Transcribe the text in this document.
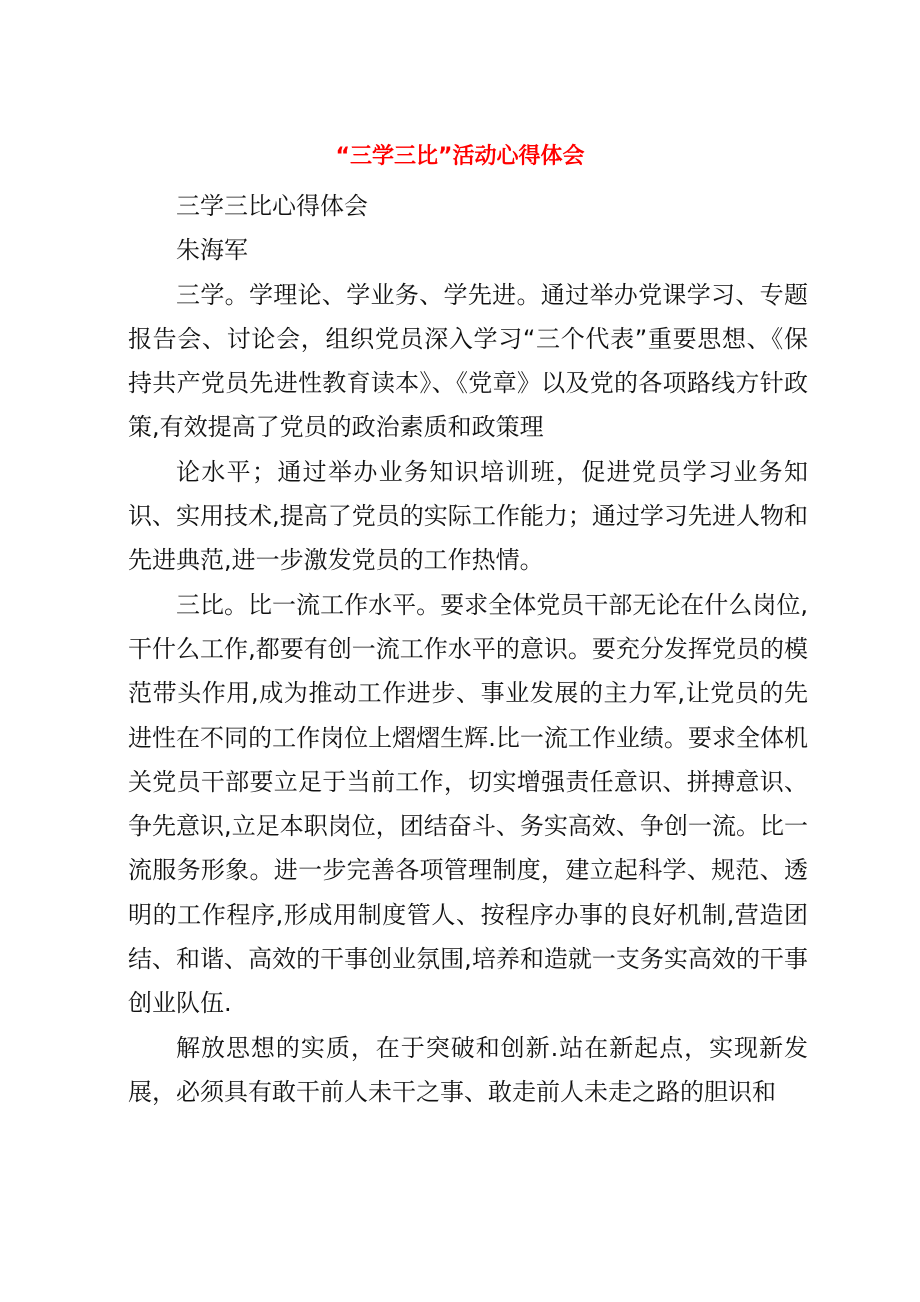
“三学三比”活动心得体会

三学三比心得体会

朱海军

三学。学理论、学业务、学先进。通过举办党课学习、专题报告会、讨论会，组织党员深入学习“三个代表”重要思想、《保持共产党员先进性教育读本》、《党章》以及党的各项路线方针政策,有效提高了党员的政治素质和政策理

论水平；通过举办业务知识培训班，促进党员学习业务知识、实用技术,提高了党员的实际工作能力；通过学习先进人物和先进典范,进一步激发党员的工作热情。

三比。比一流工作水平。要求全体党员干部无论在什么岗位,干什么工作,都要有创一流工作水平的意识。要充分发挥党员的模范带头作用,成为推动工作进步、事业发展的主力军,让党员的先进性在不同的工作岗位上熠熠生辉.比一流工作业绩。要求全体机关党员干部要立足于当前工作，切实增强责任意识、拼搏意识、争先意识,立足本职岗位，团结奋斗、务实高效、争创一流。比一流服务形象。进一步完善各项管理制度，建立起科学、规范、透明的工作程序,形成用制度管人、按程序办事的良好机制,营造团结、和谐、高效的干事创业氛围,培养和造就一支务实高效的干事创业队伍.

解放思想的实质，在于突破和创新.站在新起点，实现新发展，必须具有敢干前人未干之事、敢走前人未走之路的胆识和
